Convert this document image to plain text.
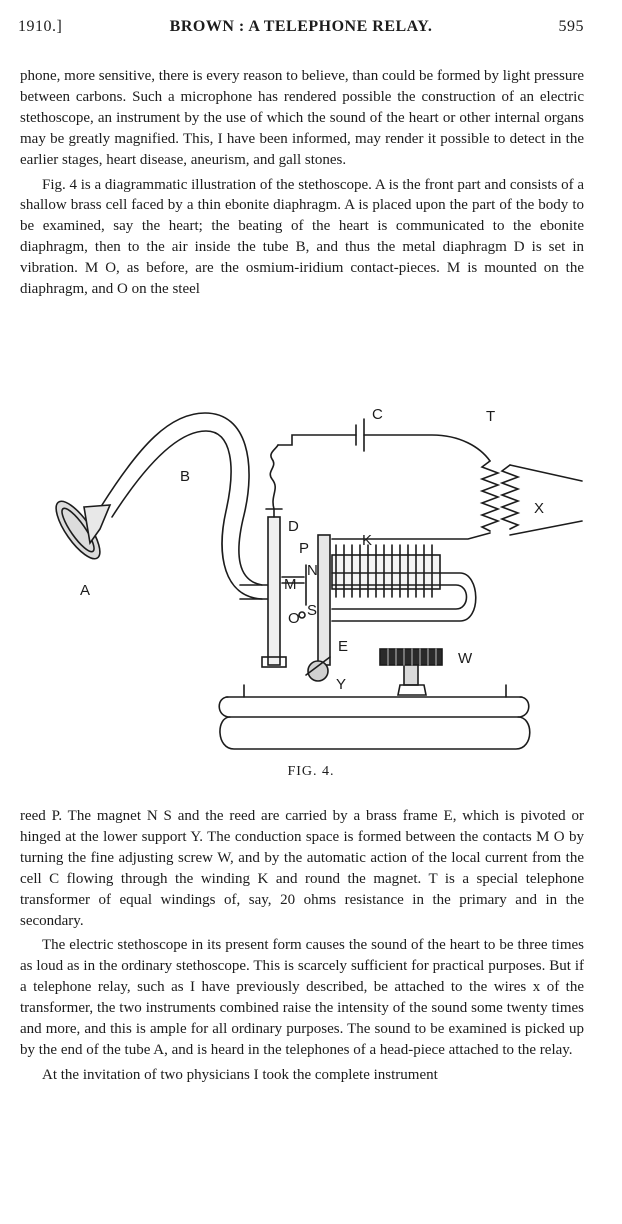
1910.]	BROWN : A TELEPHONE RELAY.	595

phone, more sensitive, there is every reason to believe, than could be formed by light pressure between carbons. Such a microphone has rendered possible the construction of an electric stethoscope, an instrument by the use of which the sound of the heart or other internal organs may be greatly magnified. This, I have been informed, may render it possible to detect in the earlier stages, heart disease, aneurism, and gall stones.

Fig. 4 is a diagrammatic illustration of the stethoscope. A is the front part and consists of a shallow brass cell faced by a thin ebonite diaphragm. A is placed upon the part of the body to be examined, say the heart; the beating of the heart is communicated to the ebonite diaphragm, then to the air inside the tube B, and thus the metal diaphragm D is set in vibration. M O, as before, are the osmium-iridium contact-pieces. M is mounted on the diaphragm, and O on the steel

A
B
C	T
X
D
K
P
N
M
O S
E
Y
W
FIG. 4.

reed P. The magnet N S and the reed are carried by a brass frame E, which is pivoted or hinged at the lower support Y. The conduction space is formed between the contacts M O by turning the fine adjusting screw W, and by the automatic action of the local current from the cell C flowing through the winding K and round the magnet. T is a special telephone transformer of equal windings of, say, 20 ohms resistance in the primary and in the secondary.

The electric stethoscope in its present form causes the sound of the heart to be three times as loud as in the ordinary stethoscope. This is scarcely sufficient for practical purposes. But if a telephone relay, such as I have previously described, be attached to the wires x of the transformer, the two instruments combined raise the intensity of the sound some twenty times and more, and this is ample for all ordinary purposes. The sound to be examined is picked up by the end of the tube A, and is heard in the telephones of a head-piece attached to the relay.

At the invitation of two physicians I took the complete instrument
